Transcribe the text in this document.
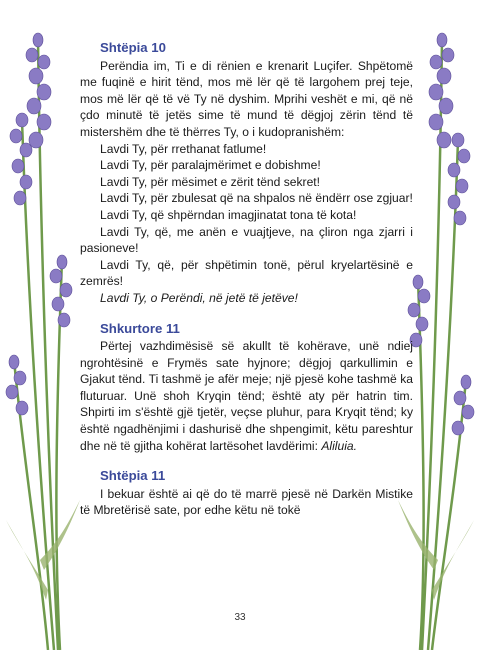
Shtëpia 10

Perëndia im, Ti e di rënien e krenarit Luçifer. Shpëtomë me fuqinë e hirit tënd, mos më lër që të largohem prej teje, mos më lër që të vë Ty në dyshim. Mprihi veshët e mi, që në çdo minutë të jetës sime të mund të dëgjoj zërin tënd të mistershëm dhe të thërres Ty, o i kudopranishëm:

Lavdi Ty, për rrethanat fatlume!

Lavdi Ty, për paralajmërimet e dobishme!

Lavdi Ty, për mësimet e zërit tënd sekret!

Lavdi Ty, për zbulesat që na shpalos në ëndërr ose zgjuar!

Lavdi Ty, që shpërndan imagjinatat tona të kota!

Lavdi Ty, që, me anën e vuajtjeve, na çliron nga zjarri i pasioneve!

Lavdi Ty, që, për shpëtimin tonë, përul kryelartësinë e zemrës!

Lavdi Ty, o Perëndi, në jetë të jetëve!

Shkurtore 11

Përtej vazhdimësisë së akullt të kohërave, unë ndiej ngrohtësinë e Frymës sate hyjnore; dëgjoj qarkullimin e Gjakut tënd. Ti tashmë je afër meje; një pjesë kohe tashmë ka fluturuar. Unë shoh Kryqin tënd; është aty për hatrin tim. Shpirti im s'është gjë tjetër, veçse pluhur, para Kryqit tënd; ky është ngadhënjimi i dashurisë dhe shpengimit, këtu pareshtur dhe në të gjitha kohërat lartësohet lavdërimi: Aliluia.

Shtëpia 11

I bekuar është ai që do të marrë pjesë në Darkën Mistike të Mbretërisë sate, por edhe këtu në tokë

33
